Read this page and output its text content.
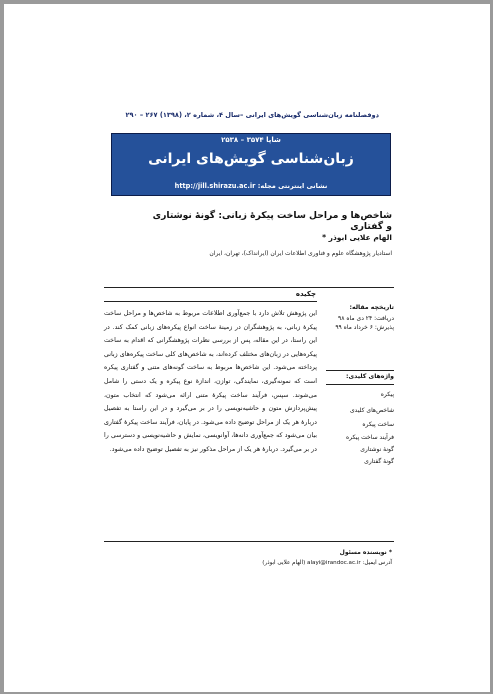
دوفصلنامه زبان‌شناسی گویش‌های ایرانی –سال ۴، شماره ۲، (۱۳۹۸) ۲۶۷ – ۲۹۰
شاپا ۳۵۷۴ – ۲۵۳۸
زبان‌شناسی گویش‌های ایرانی
نشانی اینترنتی مجله: http://jill.shirazu.ac.ir
شاخص‌ها و مراحل ساخت پیکرۀ زبانی: گونۀ نوشتاری و گفتاری
الهام علایی ابوذر *
استادیار پژوهشگاه علوم و فناوری اطلاعات ایران (ایرانداک)، تهران، ایران
چکیده
تاریخچه مقاله:
دریافت: ۲۴ دی ماه ۹۸
پذیرش: ۶ خرداد ماه ۹۹
واژه‌های کلیدی:
پیکره
شاخص‌های کلیدی
ساخت پیکره
فرآیند ساخت پیکره
گونۀ نوشتاری
گونۀ گفتاری
این پژوهش تلاش دارد با جمع‌آوری اطلاعات مربوط به شاخص‌ها و مراحل ساخت پیکرۀ زبانی، به پژوهشگران در زمینۀ ساخت انواع پیکره‌های زبانی کمک کند. در این راستا، در این مقاله، پس از بررسی نظرات پژوهشگرانی که اقدام به ساخت پیکره‌هایی در زبان‌های مختلف کرده‌اند، به شاخص‌های کلی ساخت پیکره‌های زبانی پرداخته می‌شود. این شاخص‌ها مربوط به ساخت گونه‌های متنی و گفتاری پیکره است که نمونه‌گیری، نمایندگی، توازن، اندازۀ نوع پیکره و یک دستی را شامل می‌شوند. سپس، فرآیند ساخت پیکرۀ متنی ارائه می‌شود که انتخاب متون، پیش‌پردازش متون و حاشیه‌نویسی را در بر می‌گیرد و در این راستا به تفصیل دربارۀ هر یک از مراحل توضیح داده می‌شود. در پایان، فرآیند ساخت پیکرۀ گفتاری بیان می‌شود که جمع‌آوری دانه‌ها، آوانویسی، نمایش و حاشیه‌نویسی و دسترسی را در بر می‌گیرد. دربارۀ هر یک از مراحل مذکور نیز به تفصیل توضیح داده می‌شود.
* نویسنده مسئول
آدرس ایمیل: alayi@irandoc.ac.ir (الهام علایی ابوذر)
